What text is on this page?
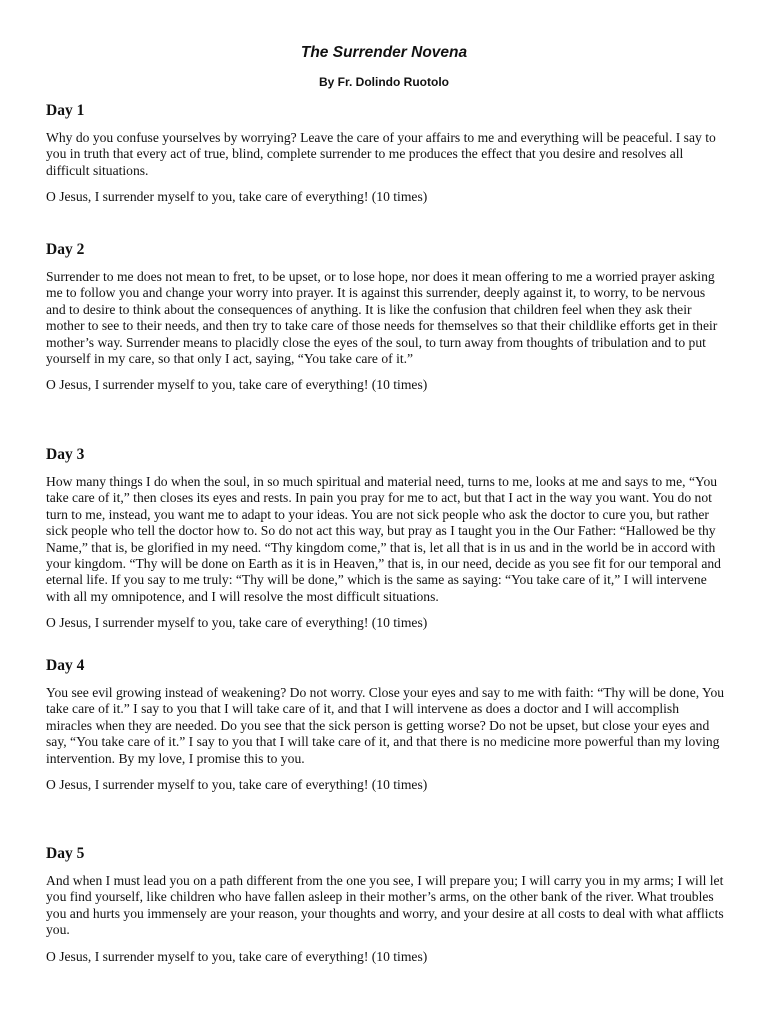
The Surrender Novena
By Fr. Dolindo Ruotolo
Day 1

Why do you confuse yourselves by worrying? Leave the care of your affairs to me and everything will be peaceful. I say to you in truth that every act of true, blind, complete surrender to me produces the effect that you desire and resolves all difficult situations.

O Jesus, I surrender myself to you, take care of everything! (10 times)

Day 2

Surrender to me does not mean to fret, to be upset, or to lose hope, nor does it mean offering to me a worried prayer asking me to follow you and change your worry into prayer. It is against this surrender, deeply against it, to worry, to be nervous and to desire to think about the consequences of anything. It is like the confusion that children feel when they ask their mother to see to their needs, and then try to take care of those needs for themselves so that their childlike efforts get in their mother’s way. Surrender means to placidly close the eyes of the soul, to turn away from thoughts of tribulation and to put yourself in my care, so that only I act, saying, “You take care of it.”

O Jesus, I surrender myself to you, take care of everything! (10 times)

Day 3

How many things I do when the soul, in so much spiritual and material need, turns to me, looks at me and says to me, “You take care of it,” then closes its eyes and rests. In pain you pray for me to act, but that I act in the way you want. You do not turn to me, instead, you want me to adapt to your ideas. You are not sick people who ask the doctor to cure you, but rather sick people who tell the doctor how to. So do not act this way, but pray as I taught you in the Our Father: “Hallowed be thy Name,” that is, be glorified in my need. “Thy kingdom come,” that is, let all that is in us and in the world be in accord with your kingdom. “Thy will be done on Earth as it is in Heaven,” that is, in our need, decide as you see fit for our temporal and eternal life. If you say to me truly: “Thy will be done,” which is the same as saying: “You take care of it,” I will intervene with all my omnipotence, and I will resolve the most difficult situations.

O Jesus, I surrender myself to you, take care of everything! (10 times)

Day 4

You see evil growing instead of weakening? Do not worry. Close your eyes and say to me with faith: “Thy will be done, You take care of it.” I say to you that I will take care of it, and that I will intervene as does a doctor and I will accomplish miracles when they are needed. Do you see that the sick person is getting worse? Do not be upset, but close your eyes and say, “You take care of it.” I say to you that I will take care of it, and that there is no medicine more powerful than my loving intervention. By my love, I promise this to you.

O Jesus, I surrender myself to you, take care of everything! (10 times)

Day 5

And when I must lead you on a path different from the one you see, I will prepare you; I will carry you in my arms; I will let you find yourself, like children who have fallen asleep in their mother’s arms, on the other bank of the river. What troubles you and hurts you immensely are your reason, your thoughts and worry, and your desire at all costs to deal with what afflicts you.

O Jesus, I surrender myself to you, take care of everything! (10 times)
